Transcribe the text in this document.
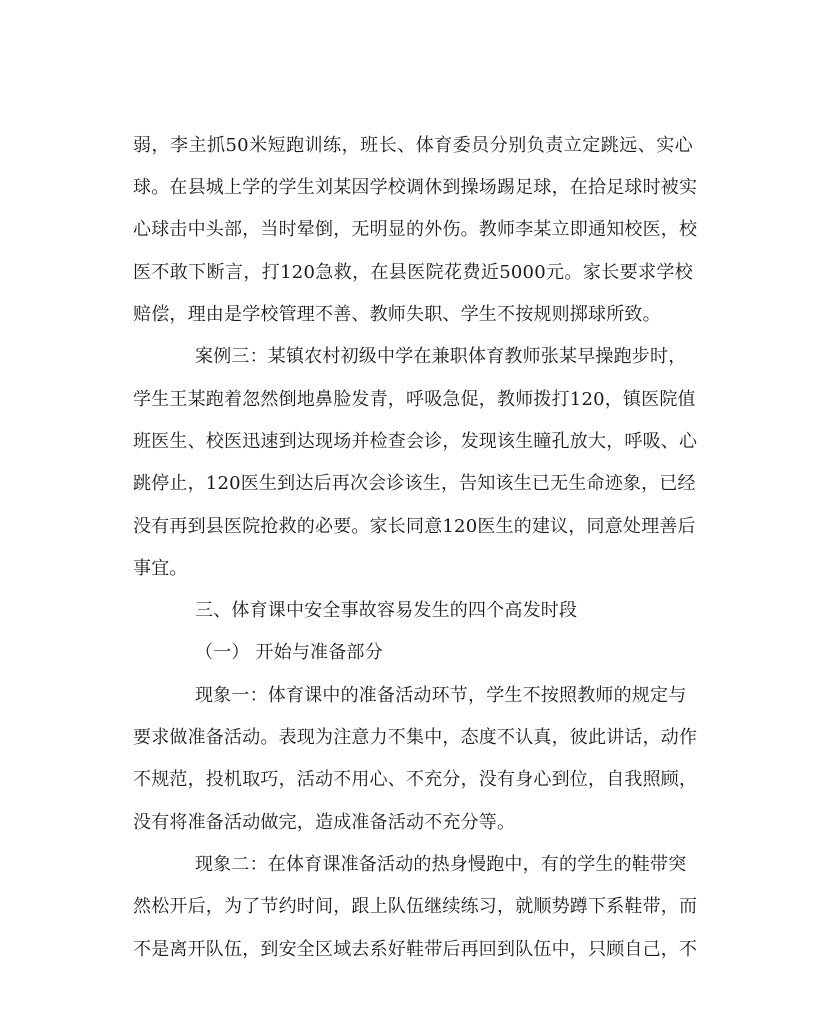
弱，李主抓50米短跑训练，班长、体育委员分别负责立定跳远、实心
球。在县城上学的学生刘某因学校调休到操场踢足球，在拾足球时被实
心球击中头部，当时晕倒，无明显的外伤。教师李某立即通知校医，校
医不敢下断言，打120急救，在县医院花费近5000元。家长要求学校
赔偿，理由是学校管理不善、教师失职、学生不按规则掷球所致。
案例三：某镇农村初级中学在兼职体育教师张某早操跑步时，
学生王某跑着忽然倒地鼻脸发青，呼吸急促，教师拨打120，镇医院值
班医生、校医迅速到达现场并检查会诊，发现该生瞳孔放大，呼吸、心
跳停止，120医生到达后再次会诊该生，告知该生已无生命迹象，已经
没有再到县医院抢救的必要。家长同意120医生的建议，同意处理善后
事宜。
三、体育课中安全事故容易发生的四个高发时段
（一） 开始与准备部分
现象一：体育课中的准备活动环节，学生不按照教师的规定与
要求做准备活动。表现为注意力不集中，态度不认真，彼此讲话，动作
不规范，投机取巧，活动不用心、不充分，没有身心到位，自我照顾，
没有将准备活动做完，造成准备活动不充分等。
现象二：在体育课准备活动的热身慢跑中，有的学生的鞋带突
然松开后，为了节约时间，跟上队伍继续练习，就顺势蹲下系鞋带，而
不是离开队伍，到安全区域去系好鞋带后再回到队伍中，只顾自己，不
